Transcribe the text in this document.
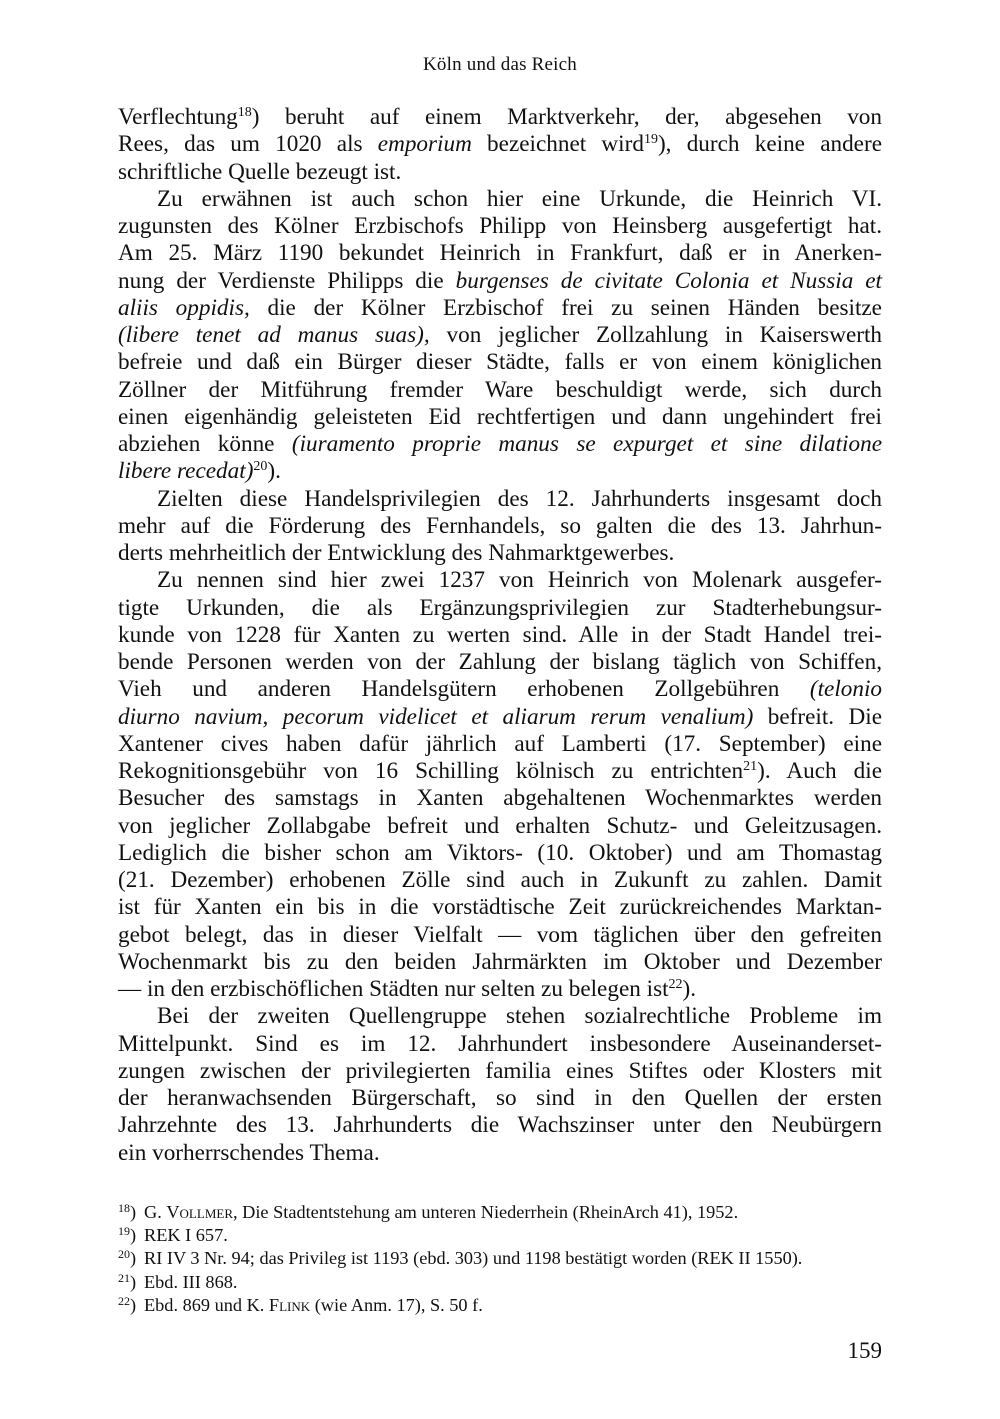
Köln und das Reich
Verflechtung$^{18}$) beruht auf einem Marktverkehr, der, abgesehen von
Rees, das um 1020 als emporium bezeichnet wird$^{19}$), durch keine andere
schriftliche Quelle bezeugt ist.
Zu erwähnen ist auch schon hier eine Urkunde, die Heinrich VI.
zugunsten des Kölner Erzbischofs Philipp von Heinsberg ausgefertigt hat.
Am 25. März 1190 bekundet Heinrich in Frankfurt, daß er in Anerken-
nung der Verdienste Philipps die burgenses de civitate Colonia et Nussia et
aliis oppidis, die der Kölner Erzbischof frei zu seinen Händen besitze
(libere tenet ad manus suas), von jeglicher Zollzahlung in Kaiserswerth
befreie und daß ein Bürger dieser Städte, falls er von einem königlichen
Zöllner der Mitführung fremder Ware beschuldigt werde, sich durch
einen eigenhändig geleisteten Eid rechtfertigen und dann ungehindert frei
abziehen könne (iuramento proprie manus se expurget et sine dilatione
libere recedat)$^{20}$).
Zielten diese Handelsprivilegien des 12. Jahrhunderts insgesamt doch
mehr auf die Förderung des Fernhandels, so galten die des 13. Jahrhun-
derts mehrheitlich der Entwicklung des Nahmarktgewerbes.
Zu nennen sind hier zwei 1237 von Heinrich von Molenark ausgefer-
tigte Urkunden, die als Ergänzungsprivilegien zur Stadterhebungsur-
kunde von 1228 für Xanten zu werten sind. Alle in der Stadt Handel trei-
bende Personen werden von der Zahlung der bislang täglich von Schiffen,
Vieh und anderen Handelsgütern erhobenen Zollgebühren (telonio
diurno navium, pecorum videlicet et aliarum rerum venalium) befreit. Die
Xantener cives haben dafür jährlich auf Lamberti (17. September) eine
Rekognitionsgebühr von 16 Schilling kölnisch zu entrichten$^{21}$). Auch die
Besucher des samstags in Xanten abgehaltenen Wochenmarktes werden
von jeglicher Zollabgabe befreit und erhalten Schutz- und Geleitzusagen.
Lediglich die bisher schon am Viktors- (10. Oktober) und am Thomastag
(21. Dezember) erhobenen Zölle sind auch in Zukunft zu zahlen. Damit
ist für Xanten ein bis in die vorstädtische Zeit zurückreichendes Marktan-
gebot belegt, das in dieser Vielfalt — vom täglichen über den gefreiten
Wochenmarkt bis zu den beiden Jahrmärkten im Oktober und Dezember
— in den erzbischöflichen Städten nur selten zu belegen ist$^{22}$).
Bei der zweiten Quellengruppe stehen sozialrechtliche Probleme im
Mittelpunkt. Sind es im 12. Jahrhundert insbesondere Auseinanderset-
zungen zwischen der privilegierten familia eines Stiftes oder Klosters mit
der heranwachsenden Bürgerschaft, so sind in den Quellen der ersten
Jahrzehnte des 13. Jahrhunderts die Wachszinser unter den Neubürgern
ein vorherrschendes Thema.
$^{18}$) G. Vollmer, Die Stadtentstehung am unteren Niederrhein (RheinArch 41), 1952.
$^{19}$) REK I 657.
$^{20}$) RI IV 3 Nr. 94; das Privileg ist 1193 (ebd. 303) und 1198 bestätigt worden (REK II 1550).
$^{21}$) Ebd. III 868.
$^{22}$) Ebd. 869 und K. Flink (wie Anm. 17), S. 50 f.
159
